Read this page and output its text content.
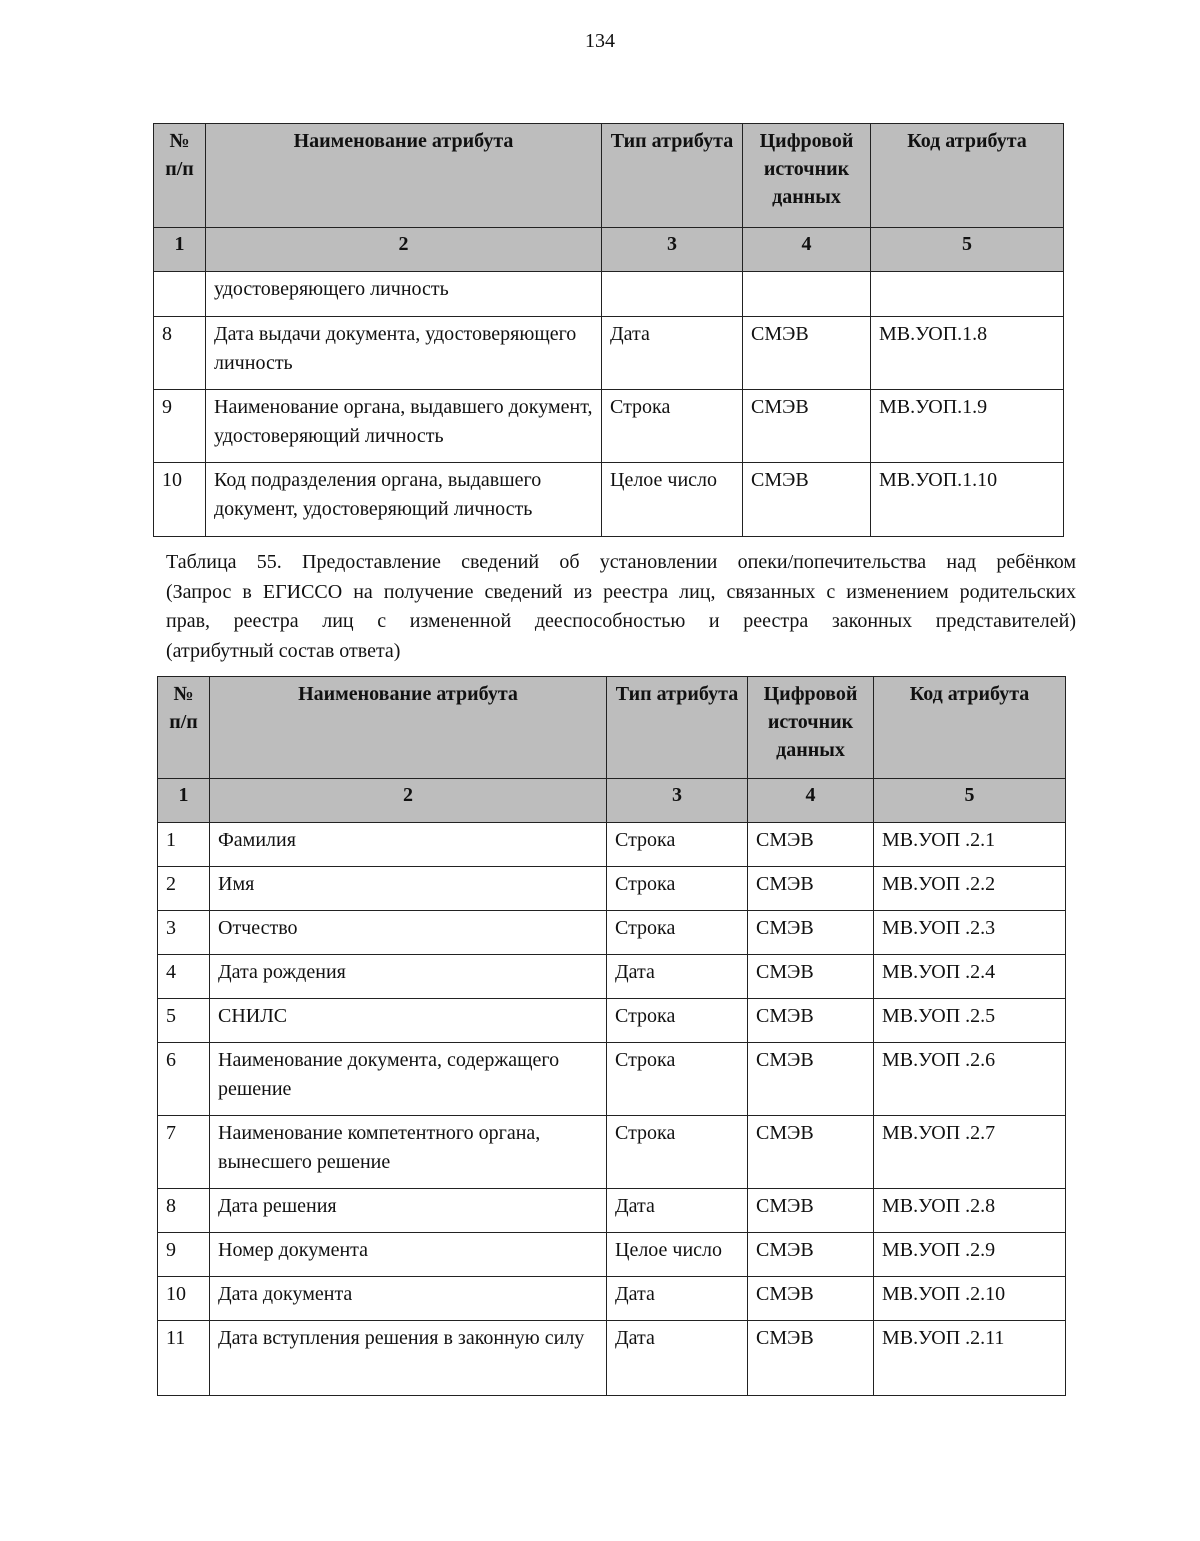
134
№ п/п	Наименование атрибута	Тип атрибута	Цифровой источник данных	Код атрибута
1	2	3	4	5
	удостоверяющего личность			
8	Дата выдачи документа, удостоверяющего личность	Дата	СМЭВ	МВ.УОП.1.8
9	Наименование органа, выдавшего документ, удостоверяющий личность	Строка	СМЭВ	МВ.УОП.1.9
10	Код подразделения органа, выдавшего документ, удостоверяющий личность	Целое число	СМЭВ	МВ.УОП.1.10
Таблица 55. Предоставление сведений об установлении опеки/попечительства над ребёнком
(Запрос в ЕГИССО на получение сведений из реестра лиц, связанных с изменением родительских
прав, реестра лиц с измененной дееспособностью и реестра законных представителей)
(атрибутный состав ответа)
№ п/п	Наименование атрибута	Тип атрибута	Цифровой источник данных	Код атрибута
1	2	3	4	5
1	Фамилия	Строка	СМЭВ	МВ.УОП .2.1
2	Имя	Строка	СМЭВ	МВ.УОП .2.2
3	Отчество	Строка	СМЭВ	МВ.УОП .2.3
4	Дата рождения	Дата	СМЭВ	МВ.УОП .2.4
5	СНИЛС	Строка	СМЭВ	МВ.УОП .2.5
6	Наименование документа, содержащего решение	Строка	СМЭВ	МВ.УОП .2.6
7	Наименование компетентного органа, вынесшего решение	Строка	СМЭВ	МВ.УОП .2.7
8	Дата решения	Дата	СМЭВ	МВ.УОП .2.8
9	Номер документа	Целое число	СМЭВ	МВ.УОП .2.9
10	Дата документа	Дата	СМЭВ	МВ.УОП .2.10
11	Дата вступления решения в законную силу	Дата	СМЭВ	МВ.УОП .2.11
